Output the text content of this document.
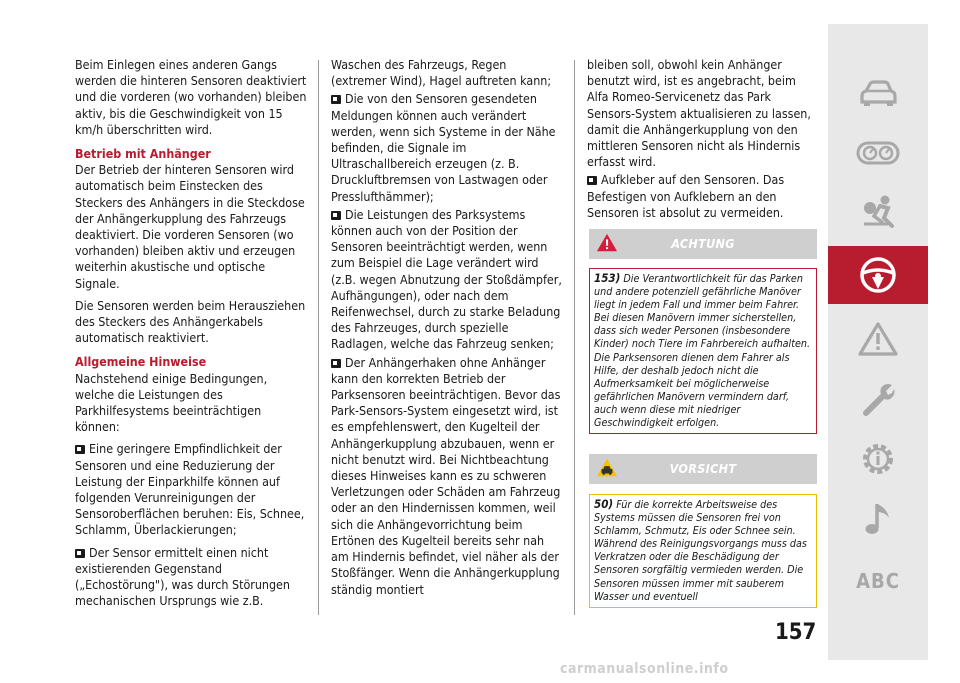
Beim Einlegen eines anderen Gangs werden die hinteren Sensoren deaktiviert und die vorderen (wo vorhanden) bleiben aktiv, bis die Geschwindigkeit von 15 km/h überschritten wird.

Betrieb mit Anhänger

Der Betrieb der hinteren Sensoren wird automatisch beim Einstecken des Steckers des Anhängers in die Steckdose der Anhängerkupplung des Fahrzeugs deaktiviert. Die vorderen Sensoren (wo vorhanden) bleiben aktiv und erzeugen weiterhin akustische und optische Signale.

Die Sensoren werden beim Herausziehen des Steckers des Anhängerkabels automatisch reaktiviert.

Allgemeine Hinweise

Nachstehend einige Bedingungen, welche die Leistungen des Parkhilfesystems beeinträchtigen können:

Eine geringere Empfindlichkeit der Sensoren und eine Reduzierung der Leistung der Einparkhilfe können auf folgenden Verunreinigungen der Sensoroberflächen beruhen: Eis, Schnee, Schlamm, Überlackierungen;

Der Sensor ermittelt einen nicht existierenden Gegenstand („Echostörung"), was durch Störungen mechanischen Ursprungs wie z.B.

Waschen des Fahrzeugs, Regen (extremer Wind), Hagel auftreten kann;

Die von den Sensoren gesendeten Meldungen können auch verändert werden, wenn sich Systeme in der Nähe befinden, die Signale im Ultraschallbereich erzeugen (z. B. Druckluftbremsen von Lastwagen oder Presslufthämmer);

Die Leistungen des Parksystems können auch von der Position der Sensoren beeinträchtigt werden, wenn zum Beispiel die Lage verändert wird (z.B. wegen Abnutzung der Stoßdämpfer, Aufhängungen), oder nach dem Reifenwechsel, durch zu starke Beladung des Fahrzeuges, durch spezielle Radlagen, welche das Fahrzeug senken;

Der Anhängerhaken ohne Anhänger kann den korrekten Betrieb der Parksensoren beeinträchtigen. Bevor das Park-Sensors-System eingesetzt wird, ist es empfehlenswert, den Kugelteil der Anhängerkupplung abzubauen, wenn er nicht benutzt wird. Bei Nichtbeachtung dieses Hinweises kann es zu schweren Verletzungen oder Schäden am Fahrzeug oder an den Hindernissen kommen, weil sich die Anhängevorrichtung beim Ertönen des Kugelteil bereits sehr nah am Hindernis befindet, viel näher als der Stoßfänger. Wenn die Anhängerkupplung ständig montiert

bleiben soll, obwohl kein Anhänger benutzt wird, ist es angebracht, beim Alfa Romeo-Servicenetz das Park Sensors-System aktualisieren zu lassen, damit die Anhängerkupplung von den mittleren Sensoren nicht als Hindernis erfasst wird.

Aufkleber auf den Sensoren. Das Befestigen von Aufklebern an den Sensoren ist absolut zu vermeiden.

ACHTUNG
153) Die Verantwortlichkeit für das Parken und andere potenziell gefährliche Manöver liegt in jedem Fall und immer beim Fahrer. Bei diesen Manövern immer sicherstellen, dass sich weder Personen (insbesondere Kinder) noch Tiere im Fahrbereich aufhalten. Die Parksensoren dienen dem Fahrer als Hilfe, der deshalb jedoch nicht die Aufmerksamkeit bei möglicherweise gefährlichen Manövern vermindern darf, auch wenn diese mit niedriger Geschwindigkeit erfolgen.
VORSICHT
50) Für die korrekte Arbeitsweise des Systems müssen die Sensoren frei von Schlamm, Schmutz, Eis oder Schnee sein. Während des Reinigungsvorgangs muss das Verkratzen oder die Beschädigung der Sensoren sorgfältig vermieden werden. Die Sensoren müssen immer mit sauberem Wasser und eventuell
ABC
157
carmanualsonline.info
